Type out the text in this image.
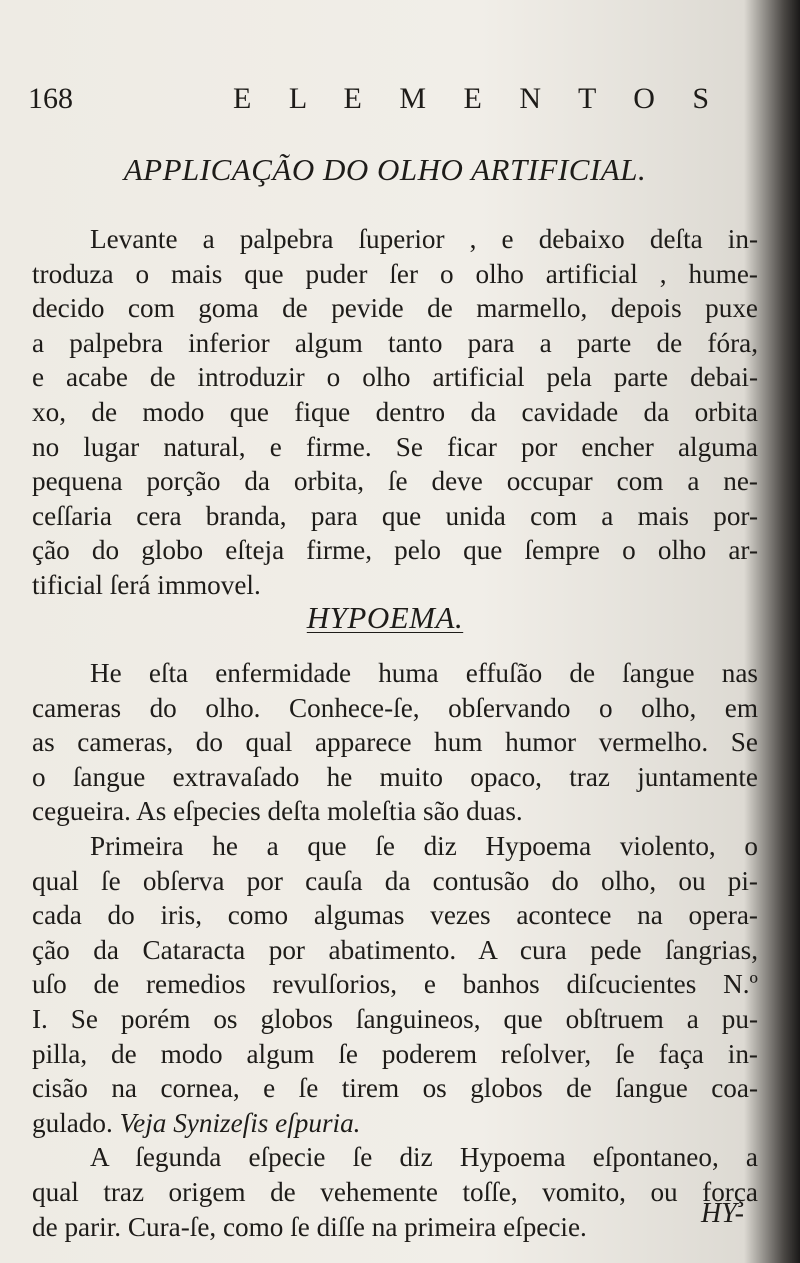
168	E L E M E N T O S
APPLICAÇÃO DO OLHO ARTIFICIAL.

Levante a palpebra ſuperior , e debaixo deſta in-
troduza o mais que puder ſer o olho artificial , hume-
decido com goma de pevide de marmello, depois puxe
a palpebra inferior algum tanto para a parte de fóra,
e acabe de introduzir o olho artificial pela parte debai-
xo, de modo que fique dentro da cavidade da orbita
no lugar natural, e firme. Se ficar por encher alguma
pequena porção da orbita, ſe deve occupar com a ne-
ceſſaria cera branda, para que unida com a mais por-
ção do globo eſteja firme, pelo que ſempre o olho ar-
tificial ſerá immovel.

HYPOEMA.

He eſta enfermidade huma effuſão de ſangue nas
cameras do olho. Conhece-ſe, obſervando o olho, em
as cameras, do qual apparece hum humor vermelho. Se
o ſangue extravaſado he muito opaco, traz juntamente
cegueira. As eſpecies deſta moleſtia são duas.

Primeira he a que ſe diz Hypoema violento, o
qual ſe obſerva por cauſa da contusão do olho, ou pi-
cada do iris, como algumas vezes acontece na opera-
ção da Cataracta por abatimento. A cura pede ſangrias,
uſo de remedios revulſorios, e banhos diſcucientes N.º
I. Se porém os globos ſanguineos, que obſtruem a pu-
pilla, de modo algum ſe poderem reſolver, ſe faça in-
cisão na cornea, e ſe tirem os globos de ſangue coa-
gulado. Veja Synizeſis eſpuria.

A ſegunda eſpecie ſe diz Hypoema eſpontaneo, a
qual traz origem de vehemente toſſe, vomito, ou força
de parir. Cura-ſe, como ſe diſſe na primeira eſpecie.	HY-
